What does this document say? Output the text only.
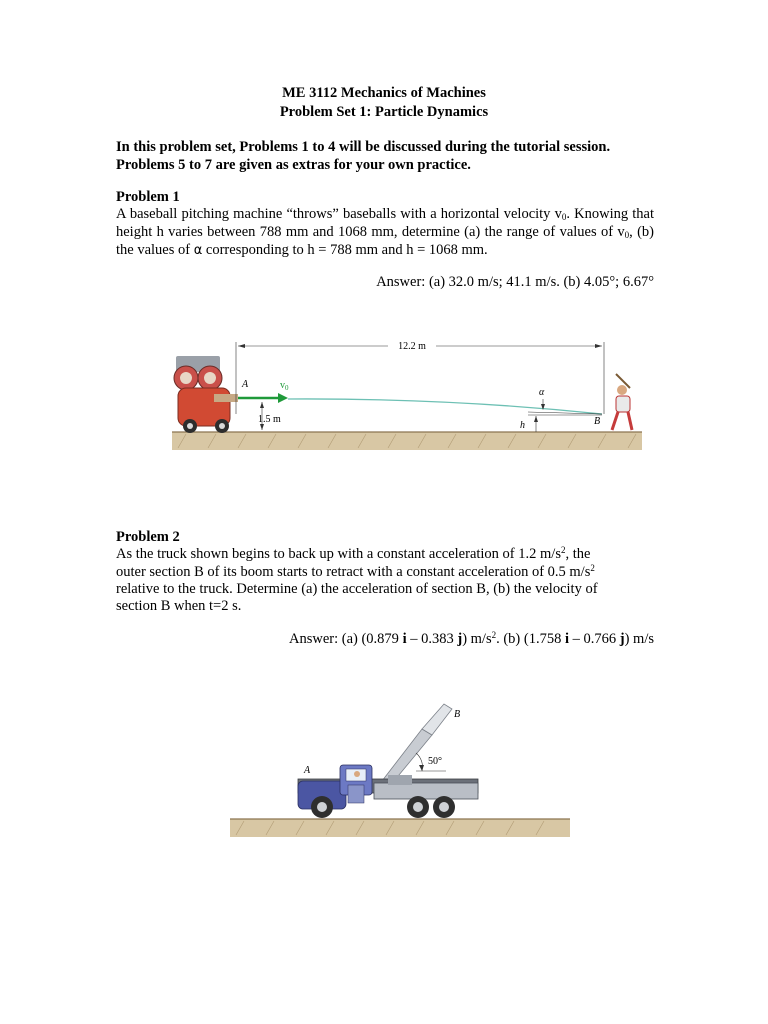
ME 3112 Mechanics of Machines
Problem Set 1: Particle Dynamics
In this problem set, Problems 1 to 4 will be discussed during the tutorial session.
Problems 5 to 7 are given as extras for your own practice.
Problem 1
A baseball pitching machine “throws” baseballs with a horizontal velocity $v_0$. Knowing that height h varies between 788 mm and 1068 mm, determine (a) the range of values of $v_0$, (b) the values of α corresponding to h = 788 mm and h = 1068 mm.
Answer: (a) 32.0 m/s; 41.1 m/s. (b) 4.05°; 6.67°
12.2 m
A	$v_0$
1.5 m
α
h	B
Problem 2
As the truck shown begins to back up with a constant acceleration of 1.2 $m/s^2$, the
outer section B of its boom starts to retract with a constant acceleration of 0.5 $m/s^2$
relative to the truck. Determine (a) the acceleration of section B, (b) the velocity of
section B when t=2 s.
Answer: (a) (0.879 i – 0.383 j) $m/s^2$. (b) (1.758 i – 0.766 j) m/s
50°
B
A
